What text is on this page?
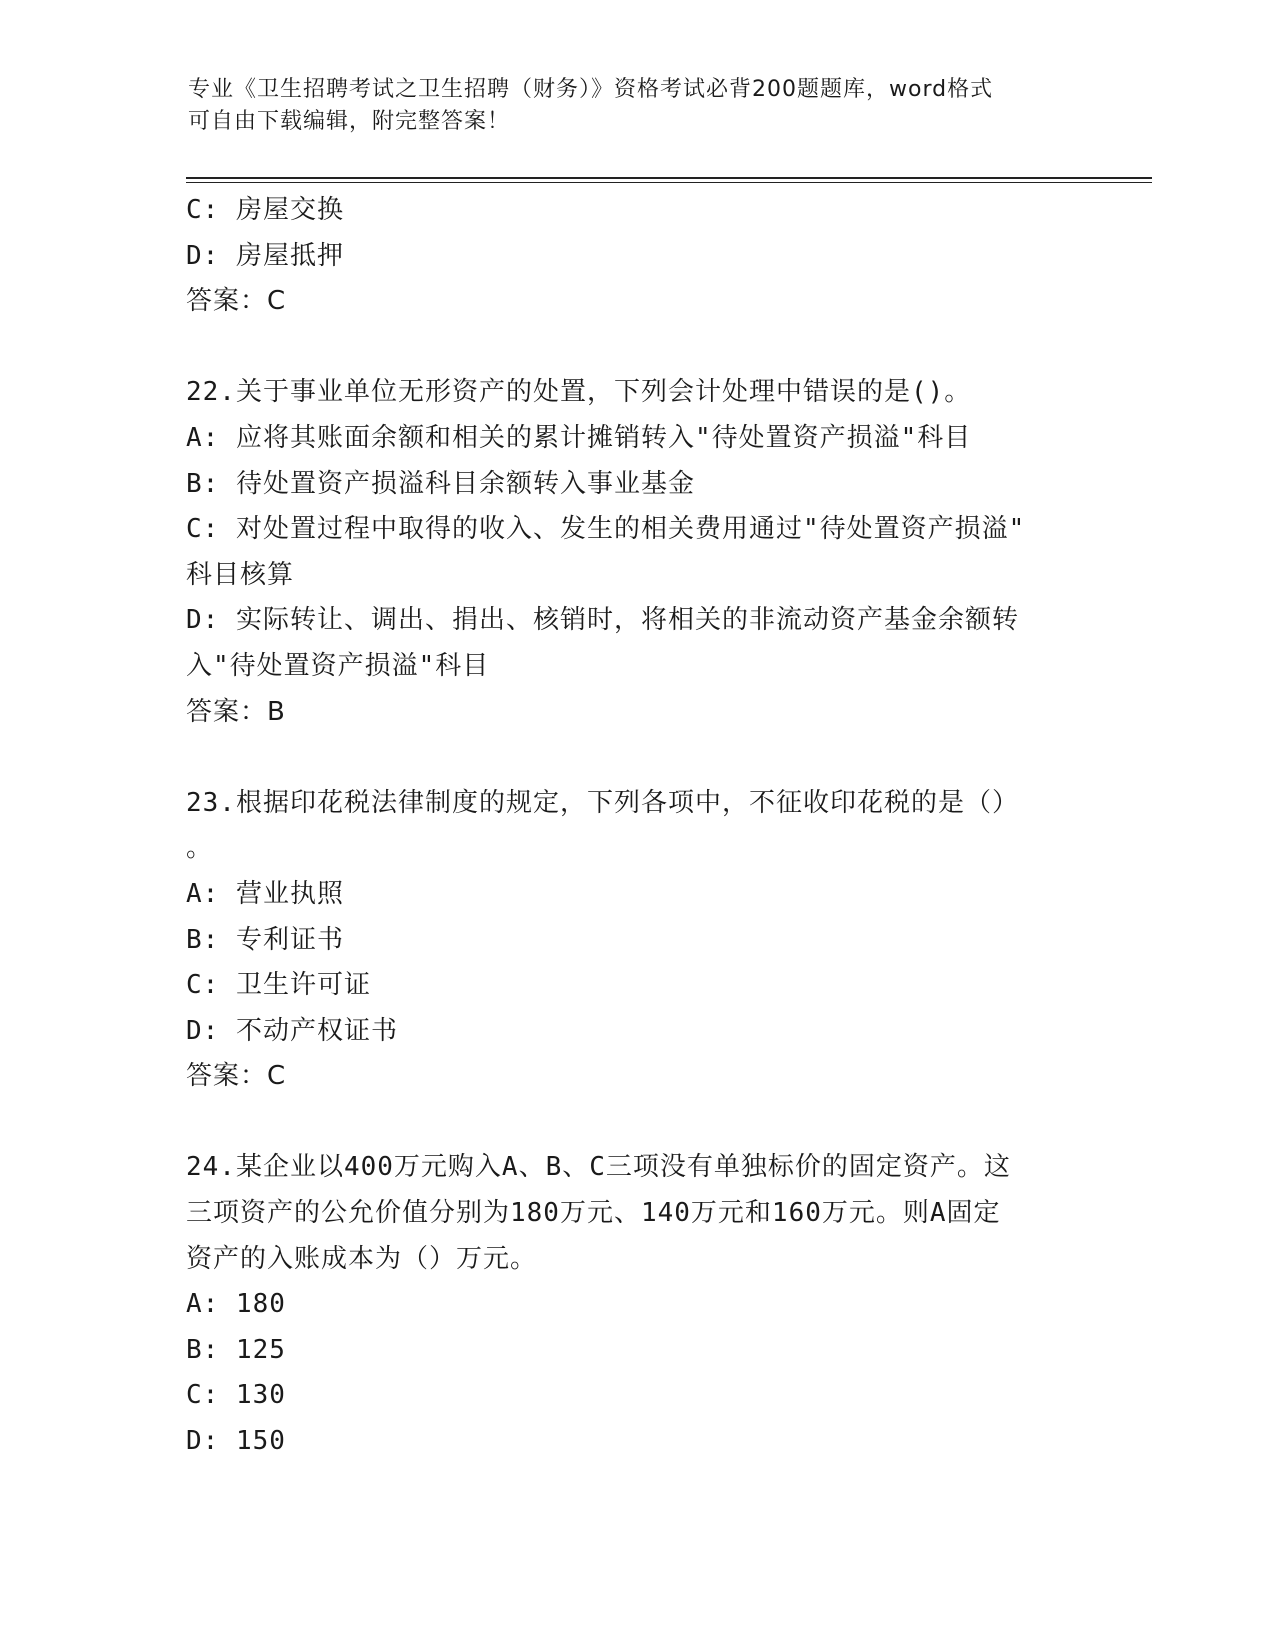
专业《卫生招聘考试之卫生招聘（财务）》资格考试必背200题题库，word格式
可自由下载编辑，附完整答案！
C: 房屋交换
D: 房屋抵押
答案：C
22.关于事业单位无形资产的处置，下列会计处理中错误的是()。
A: 应将其账面余额和相关的累计摊销转入"待处置资产损溢"科目
B: 待处置资产损溢科目余额转入事业基金
C: 对处置过程中取得的收入、发生的相关费用通过"待处置资产损溢"
科目核算
D: 实际转让、调出、捐出、核销时，将相关的非流动资产基金余额转
入"待处置资产损溢"科目
答案：B
23.根据印花税法律制度的规定，下列各项中，不征收印花税的是（）
。
A: 营业执照
B: 专利证书
C: 卫生许可证
D: 不动产权证书
答案：C
24.某企业以400万元购入A、B、C三项没有单独标价的固定资产。这
三项资产的公允价值分别为180万元、140万元和160万元。则A固定
资产的入账成本为（）万元。
A: 180
B: 125
C: 130
D: 150
